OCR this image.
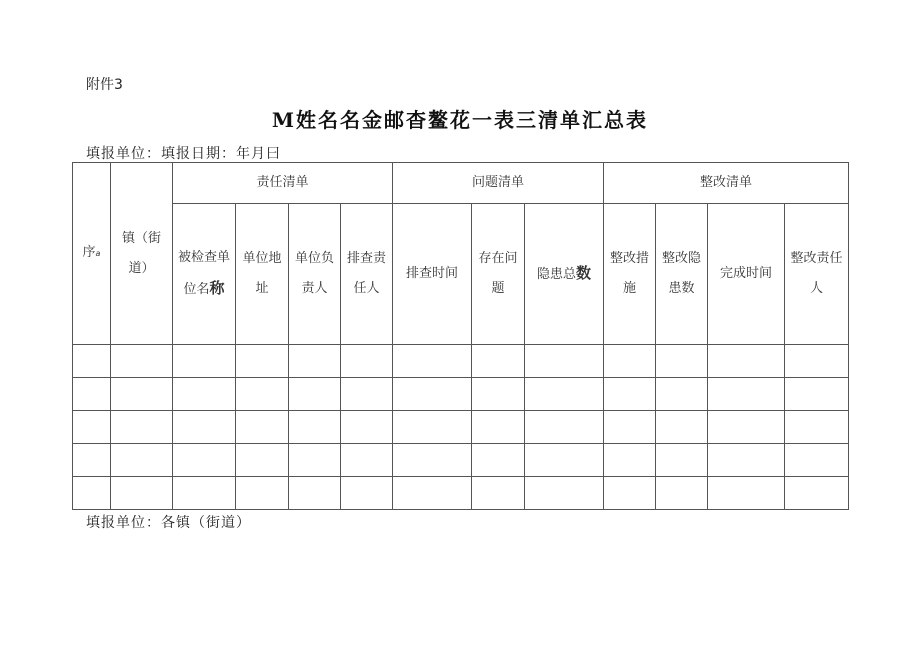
附件3
M姓名名金邮杳鳌花一表三清单汇总表
填报单位：填报日期：年月曰
序a	镇（街道）	责任清单				问题清单			整改清单			
		被检查单位名称	单位地址	单位负责人	排查责任人	排查时间	存在问题	隐患总数	整改措施	整改隐患数	完成时间	整改责任人

填报单位：各镇（街道）
